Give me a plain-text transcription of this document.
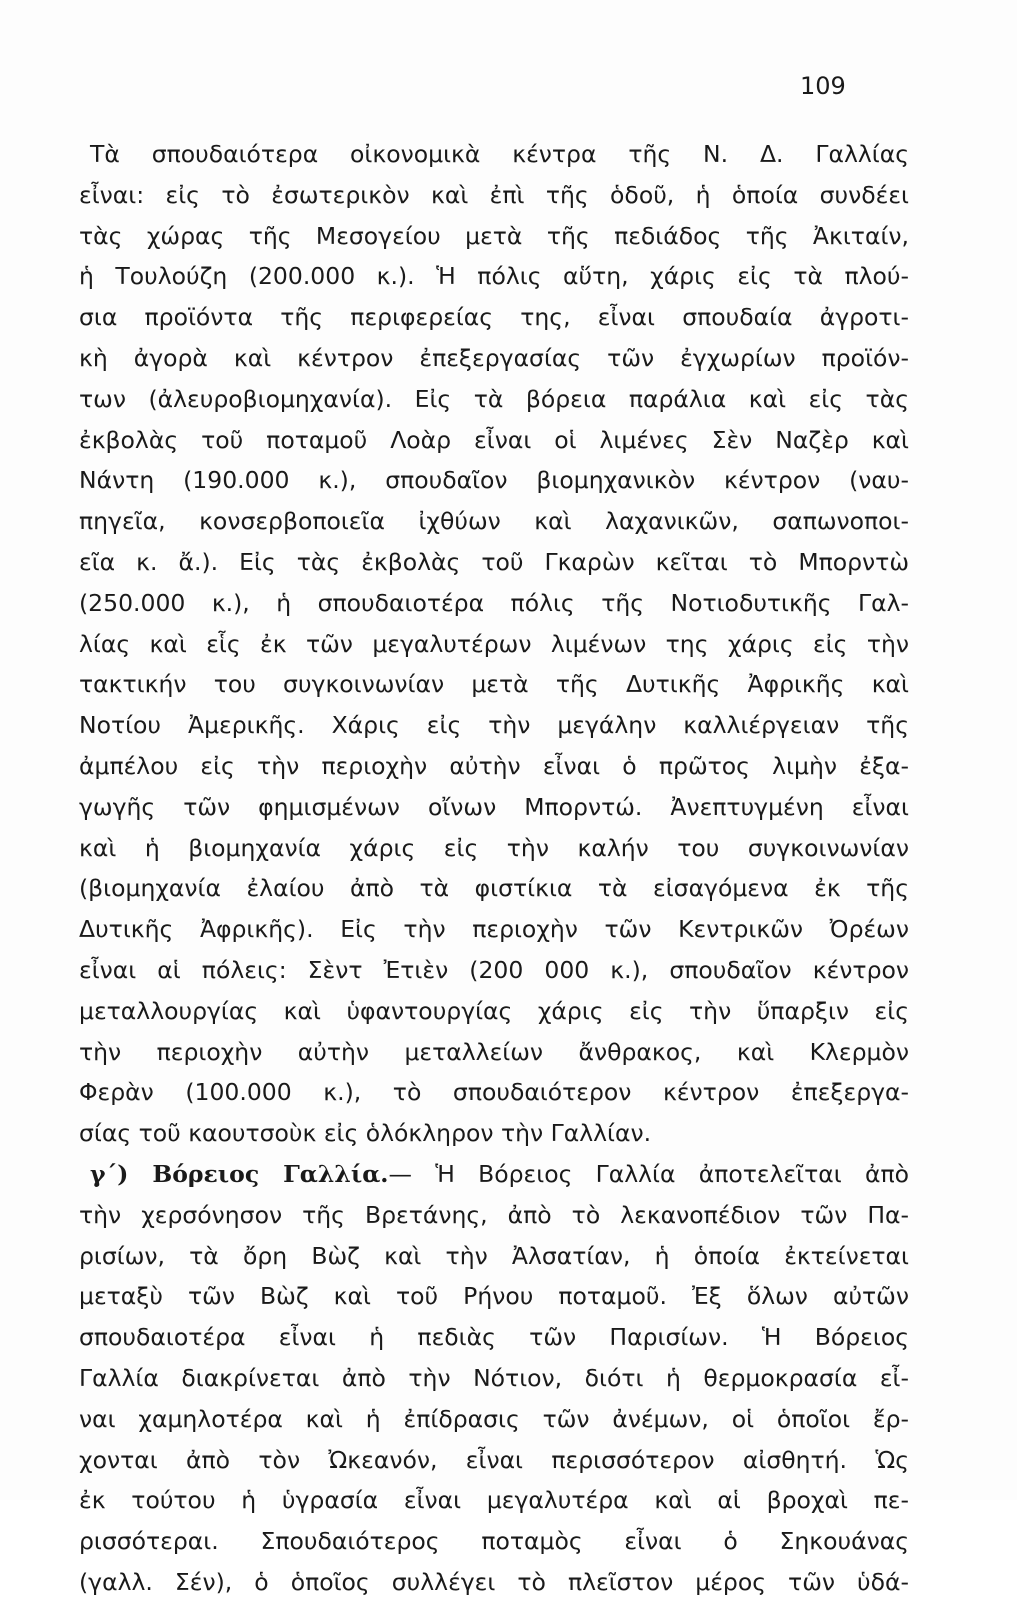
109
Τὰ σπουδαιότερα οἰκονομικὰ κέντρα τῆς Ν. Δ. Γαλλίας
εἶναι: εἰς τὸ ἐσωτερικὸν καὶ ἐπὶ τῆς ὁδοῦ, ἡ ὁποία συνδέει
τὰς χώρας τῆς Μεσογείου μετὰ τῆς πεδιάδος τῆς Ἀκιταίν,
ἡ Τουλούζη (200.000 κ.). Ἡ πόλις αὕτη, χάρις εἰς τὰ πλού-
σια προϊόντα τῆς περιφερείας της, εἶναι σπουδαία ἀγροτι-
κὴ ἀγορὰ καὶ κέντρον ἐπεξεργασίας τῶν ἐγχωρίων προϊόν-
των (ἀλευροβιομηχανία). Εἰς τὰ βόρεια παράλια καὶ εἰς τὰς
ἐκβολὰς τοῦ ποταμοῦ Λοὰρ εἶναι οἱ λιμένες Σὲν Ναζὲρ καὶ
Νάντη (190.000 κ.), σπουδαῖον βιομηχανικὸν κέντρον (ναυ-
πηγεῖα, κονσερβοποιεῖα ἰχθύων καὶ λαχανικῶν, σαπωνοποι-
εῖα κ. ἄ.). Εἰς τὰς ἐκβολὰς τοῦ Γκαρὼν κεῖται τὸ Μπορντὼ
(250.000 κ.), ἡ σπουδαιοτέρα πόλις τῆς Νοτιοδυτικῆς Γαλ-
λίας καὶ εἷς ἐκ τῶν μεγαλυτέρων λιμένων της χάρις εἰς τὴν
τακτικήν του συγκοινωνίαν μετὰ τῆς Δυτικῆς Ἀφρικῆς καὶ
Νοτίου Ἀμερικῆς. Χάρις εἰς τὴν μεγάλην καλλιέργειαν τῆς
ἀμπέλου εἰς τὴν περιοχὴν αὐτὴν εἶναι ὁ πρῶτος λιμὴν ἐξα-
γωγῆς τῶν φημισμένων οἴνων Μπορντώ. Ἀνεπτυγμένη εἶναι
καὶ ἡ βιομηχανία χάρις εἰς τὴν καλήν του συγκοινωνίαν
(βιομηχανία ἐλαίου ἀπὸ τὰ φιστίκια τὰ εἰσαγόμενα ἐκ τῆς
Δυτικῆς Ἀφρικῆς). Εἰς τὴν περιοχὴν τῶν Κεντρικῶν Ὀρέων
εἶναι αἱ πόλεις: Σὲντ Ἐτιὲν (200 000 κ.), σπουδαῖον κέντρον
μεταλλουργίας καὶ ὑφαντουργίας χάρις εἰς τὴν ὕπαρξιν εἰς
τὴν περιοχὴν αὐτὴν μεταλλείων ἄνθρακος, καὶ Κλερμὸν
Φερὰν (100.000 κ.), τὸ σπουδαιότερον κέντρον ἐπεξεργα-
σίας τοῦ καουτσοὺκ εἰς ὁλόκληρον τὴν Γαλλίαν.
γ΄) Βόρειος Γαλλία.— Ἡ Βόρειος Γαλλία ἀποτελεῖται ἀπὸ
τὴν χερσόνησον τῆς Βρετάνης, ἀπὸ τὸ λεκανοπέδιον τῶν Πα-
ρισίων, τὰ ὄρη Βὼζ καὶ τὴν Ἀλσατίαν, ἡ ὁποία ἐκτείνεται
μεταξὺ τῶν Βὼζ καὶ τοῦ Ρήνου ποταμοῦ. Ἐξ ὅλων αὐτῶν
σπουδαιοτέρα εἶναι ἡ πεδιὰς τῶν Παρισίων. Ἡ Βόρειος
Γαλλία διακρίνεται ἀπὸ τὴν Νότιον, διότι ἡ θερμοκρασία εἶ-
ναι χαμηλοτέρα καὶ ἡ ἐπίδρασις τῶν ἀνέμων, οἱ ὁποῖοι ἔρ-
χονται ἀπὸ τὸν Ὠκεανόν, εἶναι περισσότερον αἰσθητή. Ὡς
ἐκ τούτου ἡ ὑγρασία εἶναι μεγαλυτέρα καὶ αἱ βροχαὶ πε-
ρισσότεραι. Σπουδαιότερος ποταμὸς εἶναι ὁ Σηκουάνας
(γαλλ. Σέν), ὁ ὁποῖος συλλέγει τὸ πλεῖστον μέρος τῶν ὑδά-
